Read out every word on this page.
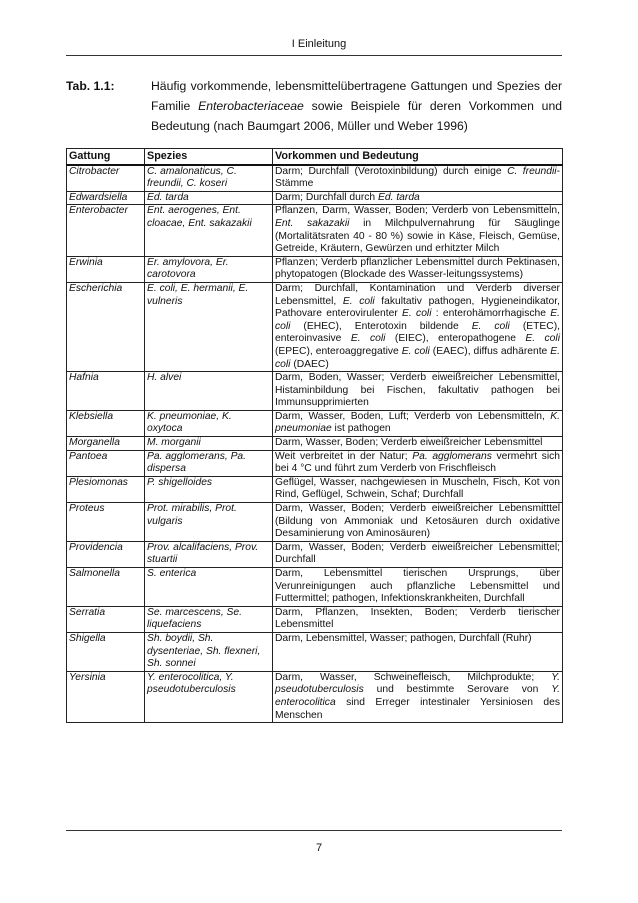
I Einleitung
Tab. 1.1:	Häufig vorkommende, lebensmittelübertragene Gattungen und Spezies der Familie Enterobacteriaceae sowie Beispiele für deren Vorkommen und Bedeutung (nach Baumgart 2006, Müller und Weber 1996)
Gattung	Spezies	Vorkommen und Bedeutung
Citrobacter	C. amalonaticus, C. freundii, C. koseri	Darm; Durchfall (Verotoxinbildung) durch einige C. freundii-Stämme
Edwardsiella	Ed. tarda	Darm; Durchfall durch Ed. tarda
Enterobacter	Ent. aerogenes, Ent. cloacae, Ent. sakazakii	Pflanzen, Darm, Wasser, Boden; Verderb von Lebensmitteln, Ent. sakazakii in Milchpulvernahrung für Säuglinge (Mortalitätsraten 40 - 80 %) sowie in Käse, Fleisch, Gemüse, Getreide, Kräutern, Gewürzen und erhitzter Milch
Erwinia	Er. amylovora, Er. carotovora	Pflanzen; Verderb pflanzlicher Lebensmittel durch Pektinasen, phytopatogen (Blockade des Wasser-leitungssystems)
Escherichia	E. coli, E. hermanii, E. vulneris	Darm; Durchfall, Kontamination und Verderb diverser Lebensmittel, E. coli fakultativ pathogen, Hygieneindikator, Pathovare enterovirulenter E. coli : enterohämorrhagische E. coli (EHEC), Enterotoxin bildende E. coli (ETEC), enteroinvasive E. coli (EIEC), enteropathogene E. coli (EPEC), enteroaggregative E. coli (EAEC), diffus adhärente E. coli (DAEC)
Hafnia	H. alvei	Darm, Boden, Wasser; Verderb eiweißreicher Lebensmittel, Histaminbildung bei Fischen, fakultativ pathogen bei Immunsupprimierten
Klebsiella	K. pneumoniae, K. oxytoca	Darm, Wasser, Boden, Luft; Verderb von Lebensmitteln, K. pneumoniae ist pathogen
Morganella	M. morganii	Darm, Wasser, Boden; Verderb eiweißreicher Lebensmittel
Pantoea	Pa. agglomerans, Pa. dispersa	Weit verbreitet in der Natur; Pa. agglomerans vermehrt sich bei 4 °C und führt zum Verderb von Frischfleisch
Plesiomonas	P. shigelloides	Geflügel, Wasser, nachgewiesen in Muscheln, Fisch, Kot von Rind, Geflügel, Schwein, Schaf; Durchfall
Proteus	Prot. mirabilis, Prot. vulgaris	Darm, Wasser, Boden; Verderb eiweißreicher Lebensmitttel (Bildung von Ammoniak und Ketosäuren durch oxidative Desaminierung von Aminosäuren)
Providencia	Prov. alcalifaciens, Prov. stuartii	Darm, Wasser, Boden; Verderb eiweißreicher Lebensmittel; Durchfall
Salmonella	S. enterica	Darm, Lebensmittel tierischen Ursprungs, über Verunreinigungen auch pflanzliche Lebensmittel und Futtermittel; pathogen, Infektionskrankheiten, Durchfall
Serratia	Se. marcescens, Se. liquefaciens	Darm, Pflanzen, Insekten, Boden; Verderb tierischer Lebensmittel
Shigella	Sh. boydii, Sh. dysenteriae, Sh. flexneri, Sh. sonnei	Darm, Lebensmittel, Wasser; pathogen, Durchfall (Ruhr)
Yersinia	Y. enterocolitica, Y. pseudotuberculosis	Darm, Wasser, Schweinefleisch, Milchprodukte; Y. pseudotuberculosis und bestimmte Serovare von Y. enterocolitica sind Erreger intestinaler Yersiniosen des Menschen
7
